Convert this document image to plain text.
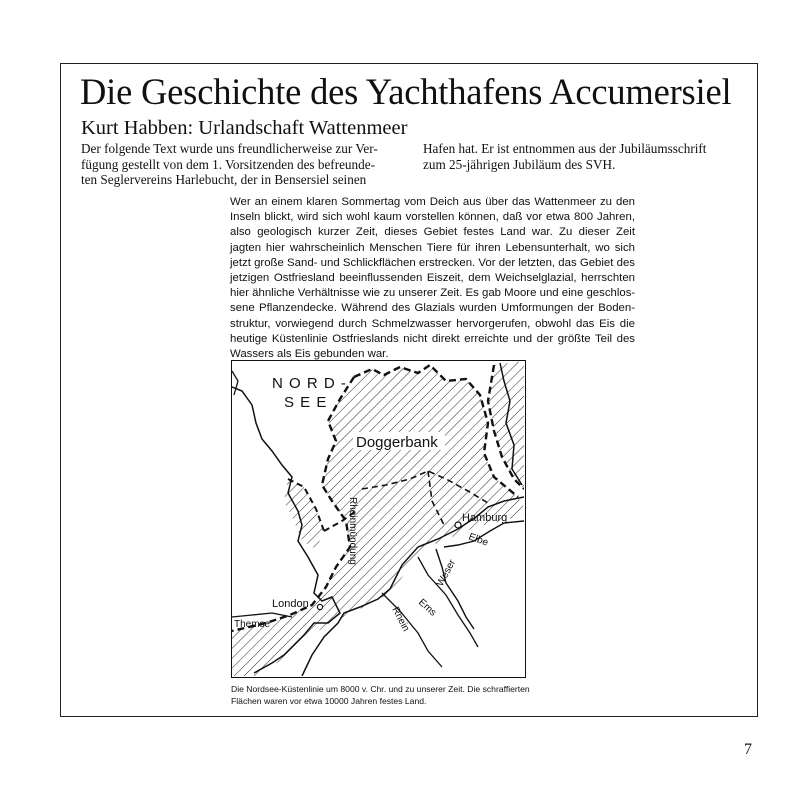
Die Geschichte des Yachthafens Accumersiel
Kurt Habben: Urlandschaft Wattenmeer
Der folgende Text wurde uns freundlicherweise zur Ver-
fügung gestellt von dem 1. Vorsitzenden des befreunde-
ten Seglervereins Harlebucht, der in Bensersiel seinen
Hafen hat. Er ist entnommen aus der Jubiläumsschrift
zum 25-jährigen Jubiläum des SVH.
Wer an einem klaren Sommertag vom Deich aus über das Wattenmeer zu den
Inseln blickt, wird sich wohl kaum vorstellen können, daß vor etwa 800 Jahren,
also geologisch kurzer Zeit, dieses Gebiet festes Land war. Zu dieser Zeit
jagten hier wahrscheinlich Menschen Tiere für ihren Lebensunterhalt, wo sich
jetzt große Sand- und Schlickflächen erstrecken. Vor der letzten, das Gebiet des
jetzigen Ostfriesland beeinflussenden Eiszeit, dem Weichselglazial, herrschten
hier ähnliche Verhältnisse wie zu unserer Zeit. Es gab Moore und eine geschlos-
sene Pflanzendecke. Während des Glazials wurden Umformungen der Boden-
struktur, vorwiegend durch Schmelzwasser hervorgerufen, obwohl das Eis die
heutige Küstenlinie Ostfrieslands nicht direkt erreichte und der größte Teil des
Wassers als Eis gebunden war.
N O R D -
S E E
Doggerbank
Rheinmündung	Hamburg
Elbe
Weser
Ems
Rhein
London
Themse
Die Nordsee-Küstenlinie um 8000 v. Chr. und zu unserer Zeit. Die schraffierten
Flächen waren vor etwa 10000 Jahren festes Land.
7
